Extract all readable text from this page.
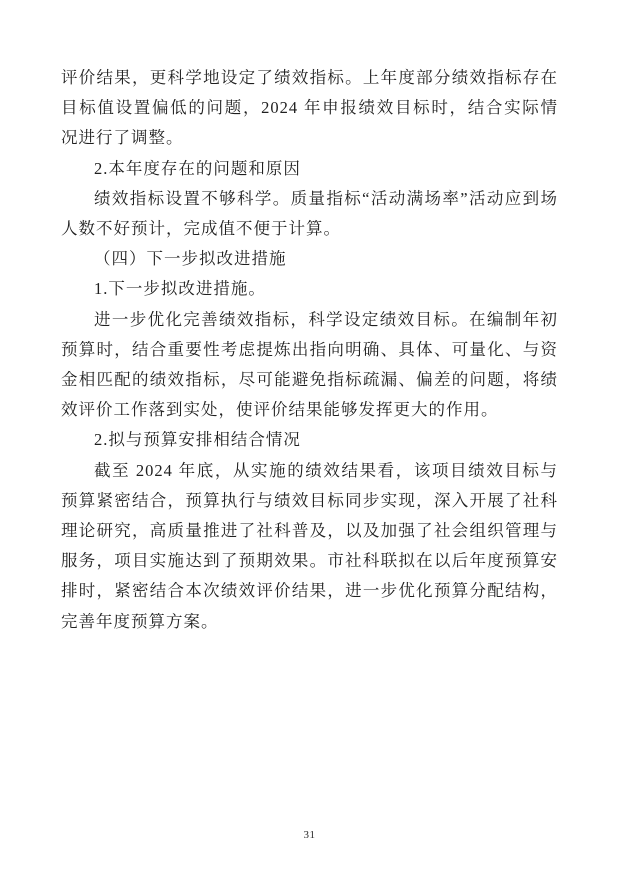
评价结果，更科学地设定了绩效指标。上年度部分绩效指标存在目标值设置偏低的问题，2024 年申报绩效目标时，结合实际情况进行了调整。

2.本年度存在的问题和原因

绩效指标设置不够科学。质量指标“活动满场率”活动应到场人数不好预计，完成值不便于计算。

（四）下一步拟改进措施

1.下一步拟改进措施。

进一步优化完善绩效指标，科学设定绩效目标。在编制年初预算时，结合重要性考虑提炼出指向明确、具体、可量化、与资金相匹配的绩效指标，尽可能避免指标疏漏、偏差的问题，将绩效评价工作落到实处，使评价结果能够发挥更大的作用。

2.拟与预算安排相结合情况

截至 2024 年底，从实施的绩效结果看，该项目绩效目标与预算紧密结合，预算执行与绩效目标同步实现，深入开展了社科理论研究，高质量推进了社科普及，以及加强了社会组织管理与服务，项目实施达到了预期效果。市社科联拟在以后年度预算安排时，紧密结合本次绩效评价结果，进一步优化预算分配结构，完善年度预算方案。

31
